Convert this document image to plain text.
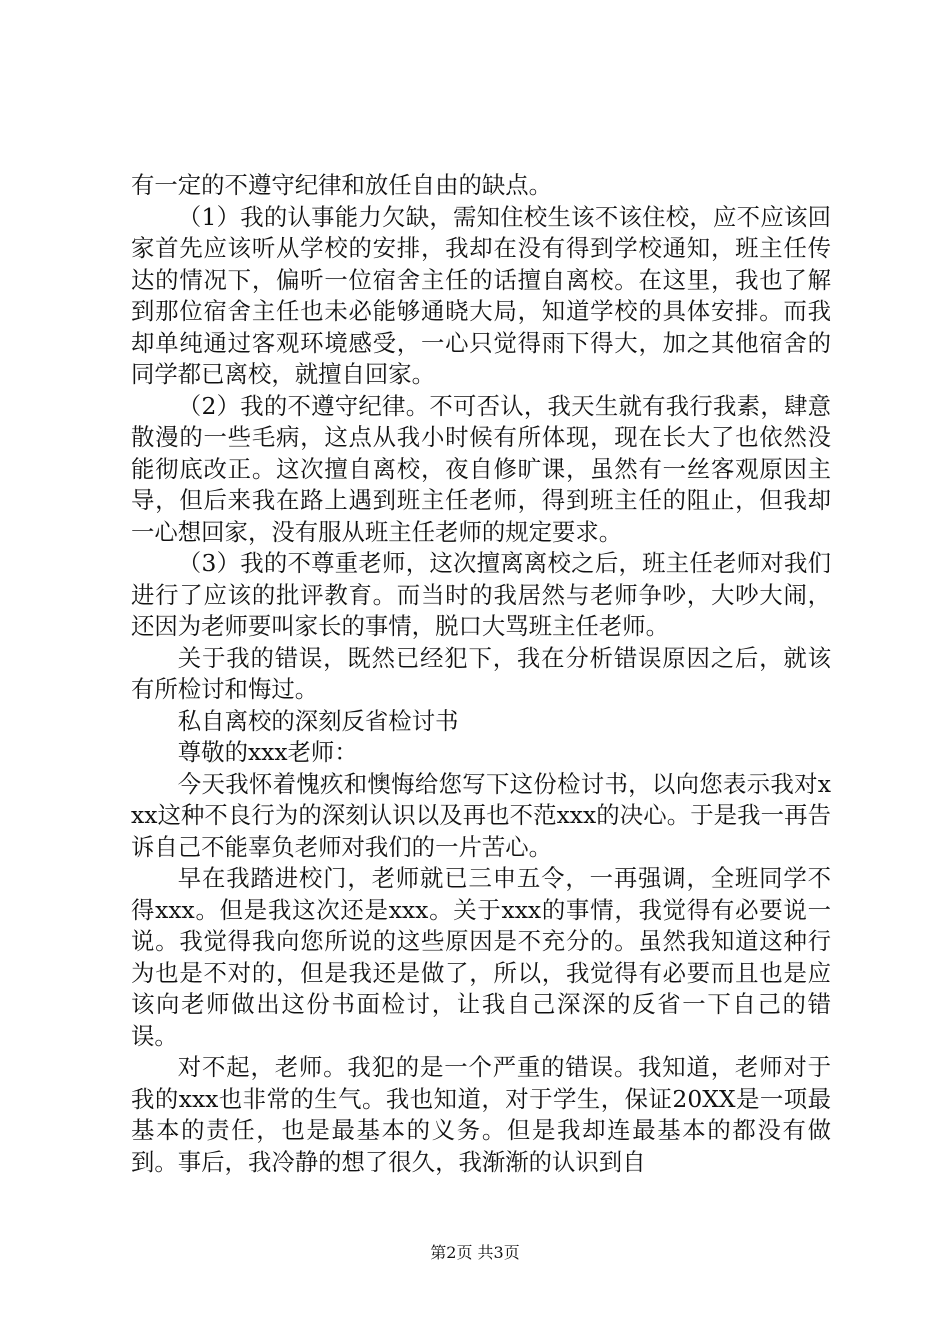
有一定的不遵守纪律和放任自由的缺点。

（1）我的认事能力欠缺，需知住校生该不该住校，应不应该回家首先应该听从学校的安排，我却在没有得到学校通知，班主任传达的情况下，偏听一位宿舍主任的话擅自离校。在这里，我也了解到那位宿舍主任也未必能够通晓大局，知道学校的具体安排。而我却单纯通过客观环境感受，一心只觉得雨下得大，加之其他宿舍的同学都已离校，就擅自回家。

（2）我的不遵守纪律。不可否认，我天生就有我行我素，肆意散漫的一些毛病，这点从我小时候有所体现，现在长大了也依然没能彻底改正。这次擅自离校，夜自修旷课，虽然有一丝客观原因主导，但后来我在路上遇到班主任老师，得到班主任的阻止，但我却一心想回家，没有服从班主任老师的规定要求。

（3）我的不尊重老师，这次擅离离校之后，班主任老师对我们进行了应该的批评教育。而当时的我居然与老师争吵，大吵大闹，还因为老师要叫家长的事情，脱口大骂班主任老师。

关于我的错误，既然已经犯下，我在分析错误原因之后，就该有所检讨和悔过。

私自离校的深刻反省检讨书

尊敬的xxx老师：

今天我怀着愧疚和懊悔给您写下这份检讨书，以向您表示我对xxx这种不良行为的深刻认识以及再也不范xxx的决心。于是我一再告诉自己不能辜负老师对我们的一片苦心。

早在我踏进校门，老师就已三申五令，一再强调，全班同学不得xxx。但是我这次还是xxx。关于xxx的事情，我觉得有必要说一说。我觉得我向您所说的这些原因是不充分的。虽然我知道这种行为也是不对的，但是我还是做了，所以，我觉得有必要而且也是应该向老师做出这份书面检讨，让我自己深深的反省一下自己的错误。

对不起，老师。我犯的是一个严重的错误。我知道，老师对于我的xxx也非常的生气。我也知道，对于学生，保证20XX是一项最基本的责任，也是最基本的义务。但是我却连最基本的都没有做到。事后，我冷静的想了很久，我渐渐的认识到自

第2页 共3页
